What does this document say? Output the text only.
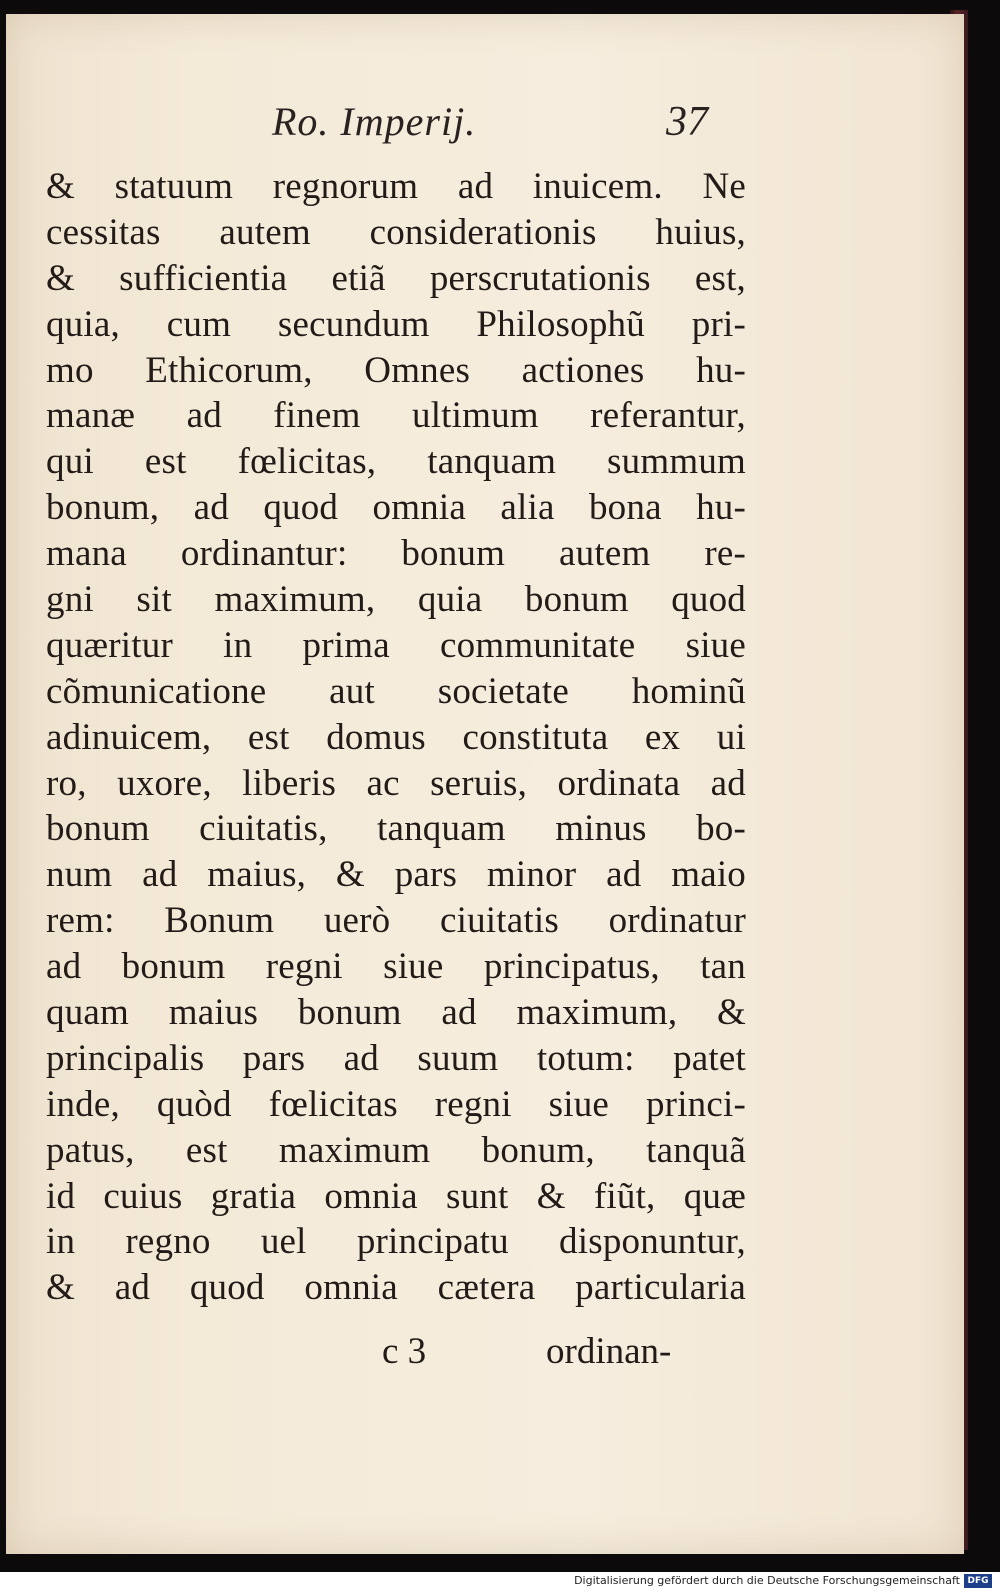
Ro. Imperij.	37
& statuum regnorum ad inuicem. Ne
cessitas autem considerationis huius,
& sufficientia etiã perscrutationis est,
quia, cum secundum Philosophũ pri-
mo Ethicorum, Omnes actiones hu-
manæ ad finem ultimum referantur,
qui est fœlicitas, tanquam summum
bonum, ad quod omnia alia bona hu-
mana ordinantur: bonum autem re-
gni sit maximum, quia bonum quod
quæritur in prima communitate siue
cõmunicatione aut societate hominũ
adinuicem, est domus constituta ex ui
ro, uxore, liberis ac seruis, ordinata ad
bonum ciuitatis, tanquam minus bo-
num ad maius, & pars minor ad maio
rem: Bonum uerò ciuitatis ordinatur
ad bonum regni siue principatus, tan
quam maius bonum ad maximum, &
principalis pars ad suum totum: patet
inde, quòd fœlicitas regni siue princi-
patus, est maximum bonum, tanquã
id cuius gratia omnia sunt & fiũt, quæ
in regno uel principatu disponuntur,
& ad quod omnia cætera particularia
c 3	ordinan-
Digitalisierung gefördert durch die Deutsche Forschungsgemeinschaft DFG
